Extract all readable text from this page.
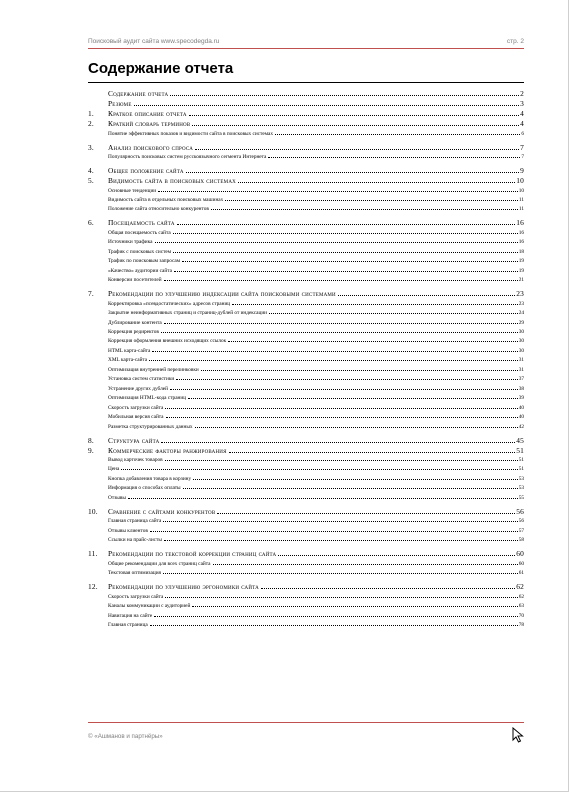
Поисковый аудит сайта www.specodegda.ru	стр. 2
Содержание отчета
Содержание отчета	2
Резюме	3
1.	Краткое описание отчета	4
2.	Краткий словарь терминов	4
Понятие эффективных показов и видимости сайта в поисковых системах	6
3.	Анализ поискового спроса	7
Популярность поисковых систем русскоязычного сегмента Интернета	7
4.	Общее положение сайта	9
5.	Видимость сайта в поисковых системах	10
Основные тенденции	10
Видимость сайта в отдельных поисковых машинах	11
Положение сайта относительно конкурентов	11
6.	Посещаемость сайта	16
Общая посещаемость сайта	16
Источники трафика	16
Трафик с поисковых систем	18
Трафик по поисковым запросам	19
«Качество» аудитории сайта	19
Конверсии посетителей	21
7.	Рекомендации по улучшению индексации сайта поисковыми системами	23
Корректировка «псевдостатических» адресов страниц	23
Закрытие неинформативных страниц и страниц-дублей от индексации	24
Дублирование контента	29
Коррекция редиректов	30
Коррекция оформления внешних исходящих ссылок	30
HTML карта-сайта	30
XML карта-сайта	31
Оптимизация внутренней перелинковки	31
Установка систем статистики	37
Устранение других дублей	38
Оптимизация HTML-кода страниц	39
Скорость загрузки сайта	40
Мобильная версия сайта	40
Разметка структурированных данных	42
8.	Структура сайта	45
9.	Коммерческие факторы ранжирования	51
Вывод карточек товаров	51
Цена	51
Кнопка добавления товара в корзину	53
Информация о способах оплаты	53
Отзывы	55
10.	Сравнение с сайтами конкурентов	56
Главная страница сайта	56
Отзывы клиентов	57
Ссылки на прайс-листы	58
11.	Рекомендации по текстовой коррекции страниц сайта	60
Общие рекомендации для всех страниц сайта	60
Текстовая оптимизация	61
12.	Рекомендации по улучшению эргономики сайта	62
Скорость загрузки сайта	62
Каналы коммуникации с аудиторией	63
Навигация на сайте	70
Главная страница	78
© «Ашманов и партнёры»
